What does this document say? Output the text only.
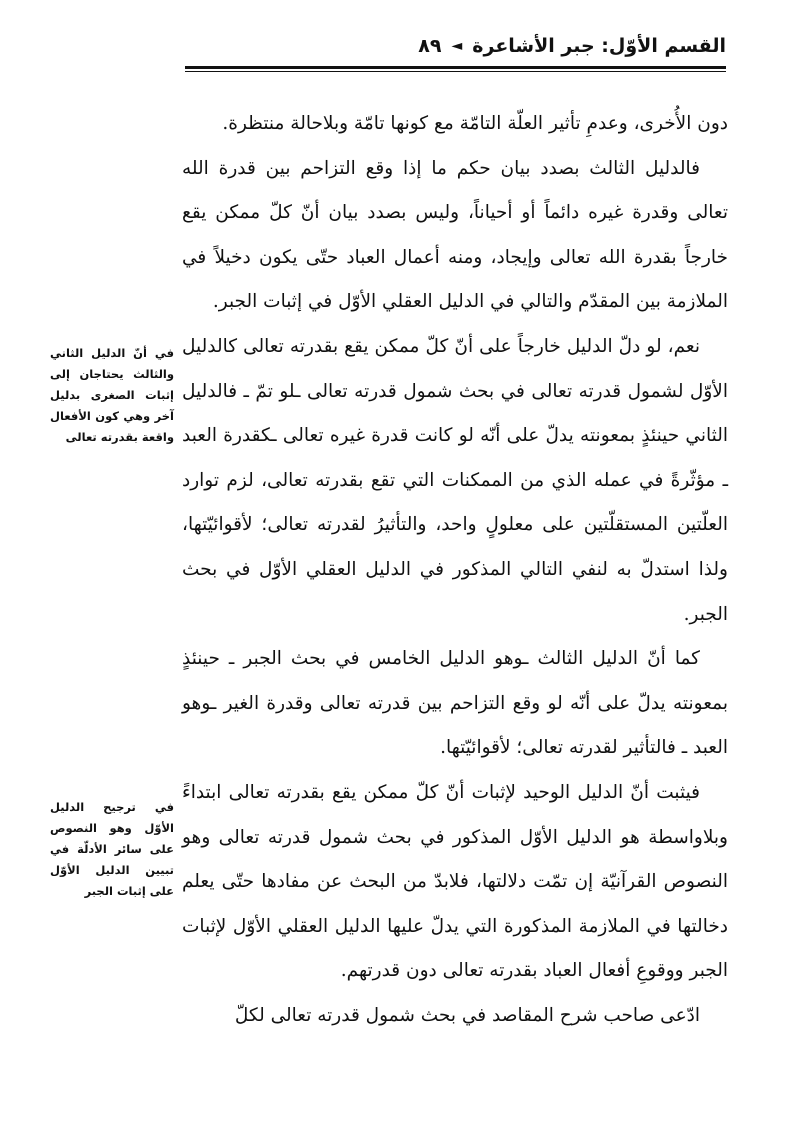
القسم الأوّل: جبر الأشاعرة
◄
٨٩

دون الأُخرى، وعدمِ تأثير العلّة التامّة مع كونها تامّة وبلاحالة منتظرة.

فالدليل الثالث بصدد بيان حكم ما إذا وقع التزاحم بين قدرة الله تعالى وقدرة غيره دائماً أو أحياناً، وليس بصدد بيان أنّ كلّ ممكن يقع خارجاً بقدرة الله تعالى وإيجاد، ومنه أعمال العباد حتّى يكون دخيلاً في الملازمة بين المقدّم والتالي في الدليل العقلي الأوّل في إثبات الجبر.

نعم، لو دلّ الدليل خارجاً على أنّ كلّ ممكن يقع بقدرته تعالى كالدليل الأوّل لشمول قدرته تعالى في بحث شمول قدرته تعالى ـلو تمّ ـ فالدليل الثاني حينئذٍ بمعونته يدلّ على أنّه لو كانت قدرة غيره تعالى ـكقدرة العبد ـ مؤثّرةً في عمله الذي من الممكنات التي تقع بقدرته تعالى، لزم توارد العلّتين المستقلّتين على معلولٍ واحد، والتأثيرُ لقدرته تعالى؛ لأقوائيّتها، ولذا استدلّ به لنفي التالي المذكور في الدليل العقلي الأوّل في بحث الجبر.

كما أنّ الدليل الثالث ـوهو الدليل الخامس في بحث الجبر ـ حينئذٍ بمعونته يدلّ على أنّه لو وقع التزاحم بين قدرته تعالى وقدرة الغير ـوهو العبد ـ فالتأثير لقدرته تعالى؛ لأقوائيّتها.

فيثبت أنّ الدليل الوحيد لإثبات أنّ كلّ ممكن يقع بقدرته تعالى ابتداءً وبلاواسطة هو الدليل الأوّل المذكور في بحث شمول قدرته تعالى وهو النصوص القرآنيّة إن تمّت دلالتها، فلابدّ من البحث عن مفادها حتّى يعلم دخالتها في الملازمة المذكورة التي يدلّ عليها الدليل العقلي الأوّل لإثبات الجبر ووقوعِ أفعال العباد بقدرته تعالى دون قدرتهم.

ادّعى صاحب شرح المقاصد في بحث شمول قدرته تعالى لكلّ

في أنّ الدليل الثاني والثالث يحتاجان إلى إثبات الصغرى بدليل آخر وهي كون الأفعال واقعة بقدرته تعالى
في ترجيح الدليل الأوّل وهو النصوص على سائر الأدلّة في تبيين الدليل الأوّل على إثبات الجبر
